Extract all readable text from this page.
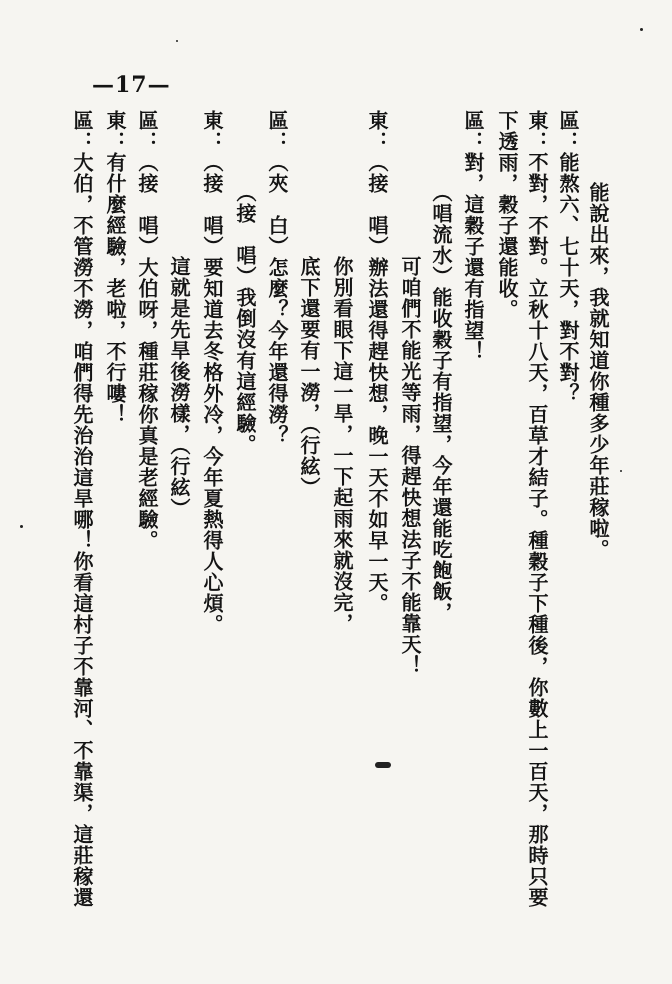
—17—
能說出來，我就知道你種多少年莊稼啦。
區：能熬六、七十天，對不對？
東：不對，不對。立秋十八天，百草才結子。種穀子下種後，你數上一百天，那時只要
下透雨，穀子還能收。
區：對，這穀子還有指望！
（唱流水）能收穀子有指望，今年還能吃飽飯，
可咱們不能光等雨，得趕快想法子不能靠天！
東：（接　唱）辦法還得趕快想，晚一天不如早一天。
你別看眼下這一旱，一下起雨來就沒完，
底下還要有一澇，（行絃）
區：（夾　白）怎麼？今年還得澇？
（接　唱）我倒沒有這經驗。
東：（接　唱）要知道去冬格外冷，今年夏熱得人心煩。
這就是先旱後澇樣，（行絃）
區：（接　唱）大伯呀，種莊稼你真是老經驗。
東：有什麼經驗，老啦，不行嘍！
區：大伯，不管澇不澇，咱們得先治治這旱哪！你看這村子不靠河、不靠渠，這莊稼還
